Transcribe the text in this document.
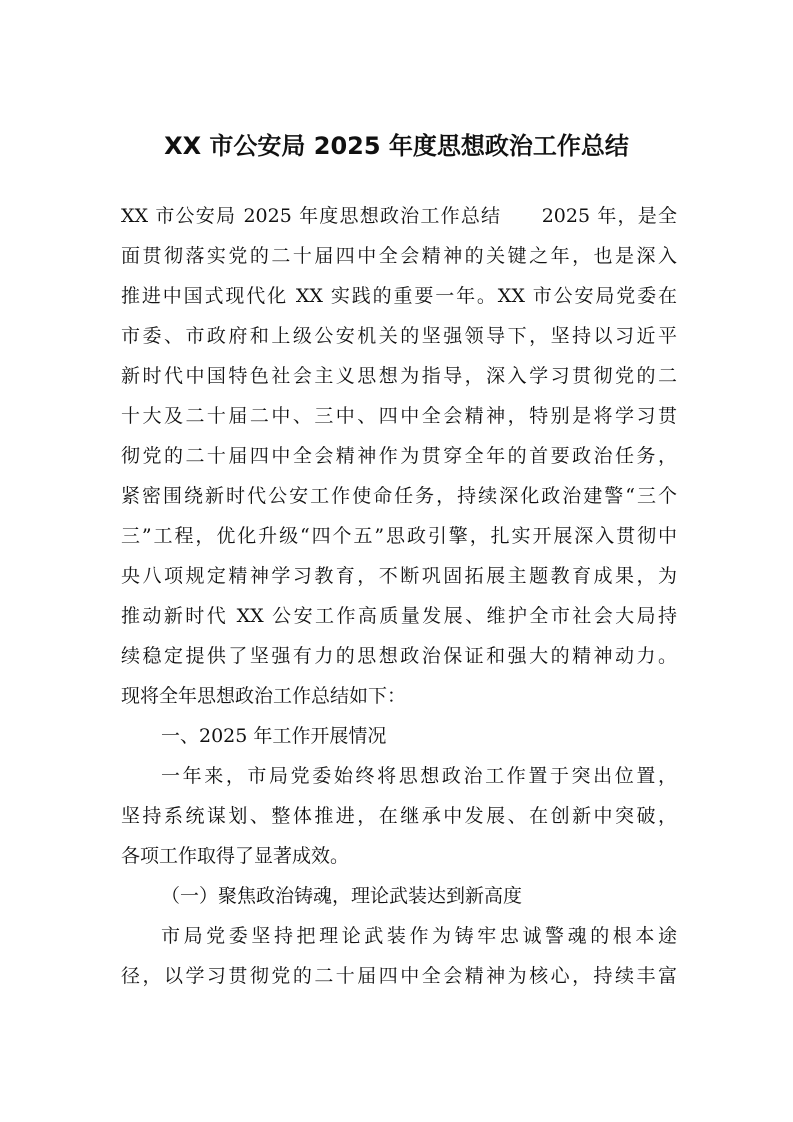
XX 市公安局 2025 年度思想政治工作总结
XX 市公安局 2025 年度思想政治工作总结　　2025 年，是全
面贯彻落实党的二十届四中全会精神的关键之年，也是深入
推进中国式现代化 XX 实践的重要一年。XX 市公安局党委在
市委、市政府和上级公安机关的坚强领导下，坚持以习近平
新时代中国特色社会主义思想为指导，深入学习贯彻党的二
十大及二十届二中、三中、四中全会精神，特别是将学习贯
彻党的二十届四中全会精神作为贯穿全年的首要政治任务，
紧密围绕新时代公安工作使命任务，持续深化政治建警“三个
三”工程，优化升级“四个五”思政引擎，扎实开展深入贯彻中
央八项规定精神学习教育，不断巩固拓展主题教育成果，为
推动新时代 XX 公安工作高质量发展、维护全市社会大局持
续稳定提供了坚强有力的思想政治保证和强大的精神动力。
现将全年思想政治工作总结如下：
一、2025 年工作开展情况
一年来，市局党委始终将思想政治工作置于突出位置，
坚持系统谋划、整体推进，在继承中发展、在创新中突破，
各项工作取得了显著成效。
（一）聚焦政治铸魂，理论武装达到新高度
市局党委坚持把理论武装作为铸牢忠诚警魂的根本途
径，以学习贯彻党的二十届四中全会精神为核心，持续丰富
